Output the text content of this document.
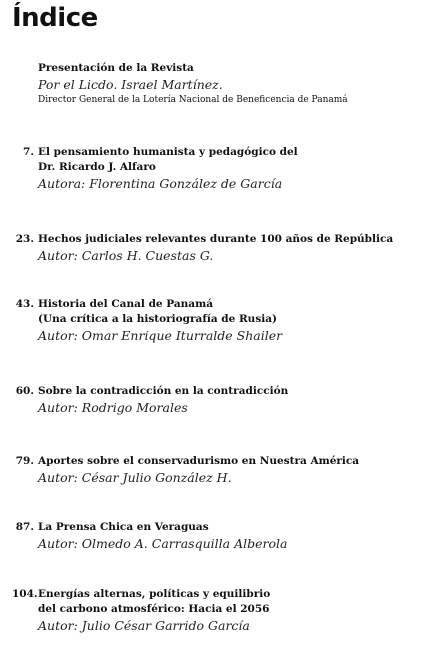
Índice
Presentación de la Revista
Por el Licdo. Israel Martínez.
Director General de la Lotería Nacional de Beneficencia de Panamá
7. El pensamiento humanista y pedagógico del
Dr. Ricardo J. Alfaro
Autora: Florentina González de García
23. Hechos judiciales relevantes durante 100 años de República
Autor: Carlos H. Cuestas G.
43. Historia del Canal de Panamá
(Una crítica a la historiografía de Rusia)
Autor: Omar Enrique Iturralde Shailer
60. Sobre la contradicción en la contradicción
Autor: Rodrigo Morales
79. Aportes sobre el conservadurismo en Nuestra América
Autor: César Julio González H.
87. La Prensa Chica en Veraguas
Autor: Olmedo A. Carrasquilla Alberola
104. Energías alternas, políticas y equilibrio
del carbono atmosférico: Hacia el 2056
Autor: Julio César Garrido García
